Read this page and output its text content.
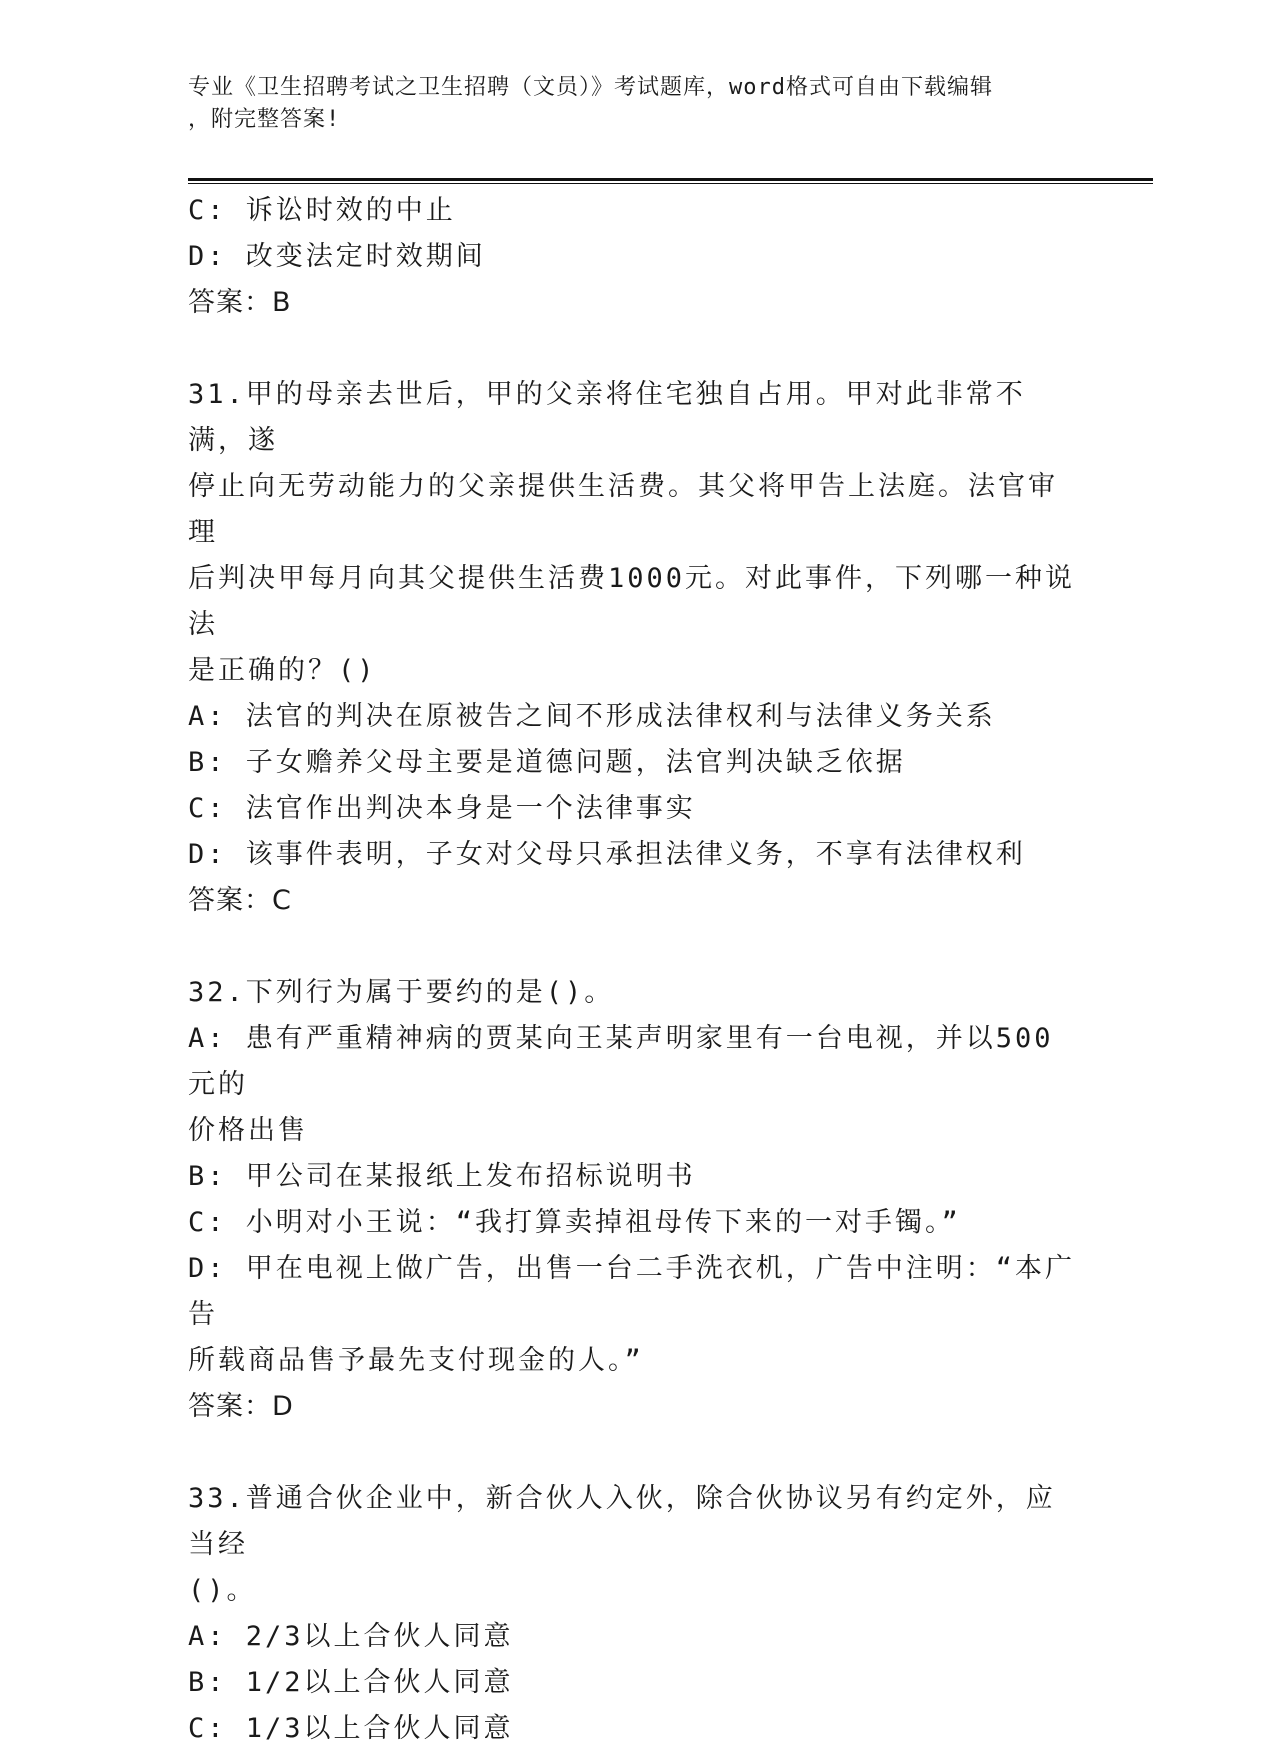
专业《卫生招聘考试之卫生招聘（文员）》考试题库，word格式可自由下载编辑
，附完整答案!
C: 诉讼时效的中止
D: 改变法定时效期间
答案：B
31.甲的母亲去世后，甲的父亲将住宅独自占用。甲对此非常不满，遂
停止向无劳动能力的父亲提供生活费。其父将甲告上法庭。法官审理
后判决甲每月向其父提供生活费1000元。对此事件，下列哪一种说法
是正确的？()
A: 法官的判决在原被告之间不形成法律权利与法律义务关系
B: 子女赡养父母主要是道德问题，法官判决缺乏依据
C: 法官作出判决本身是一个法律事实
D: 该事件表明，子女对父母只承担法律义务，不享有法律权利
答案：C
32.下列行为属于要约的是()。
A: 患有严重精神病的贾某向王某声明家里有一台电视，并以500元的
价格出售
B: 甲公司在某报纸上发布招标说明书
C: 小明对小王说：“我打算卖掉祖母传下来的一对手镯。”
D: 甲在电视上做广告，出售一台二手洗衣机，广告中注明：“本广告
所载商品售予最先支付现金的人。”
答案：D
33.普通合伙企业中，新合伙人入伙，除合伙协议另有约定外，应当经
()。
A: 2/3以上合伙人同意
B: 1/2以上合伙人同意
C: 1/3以上合伙人同意
